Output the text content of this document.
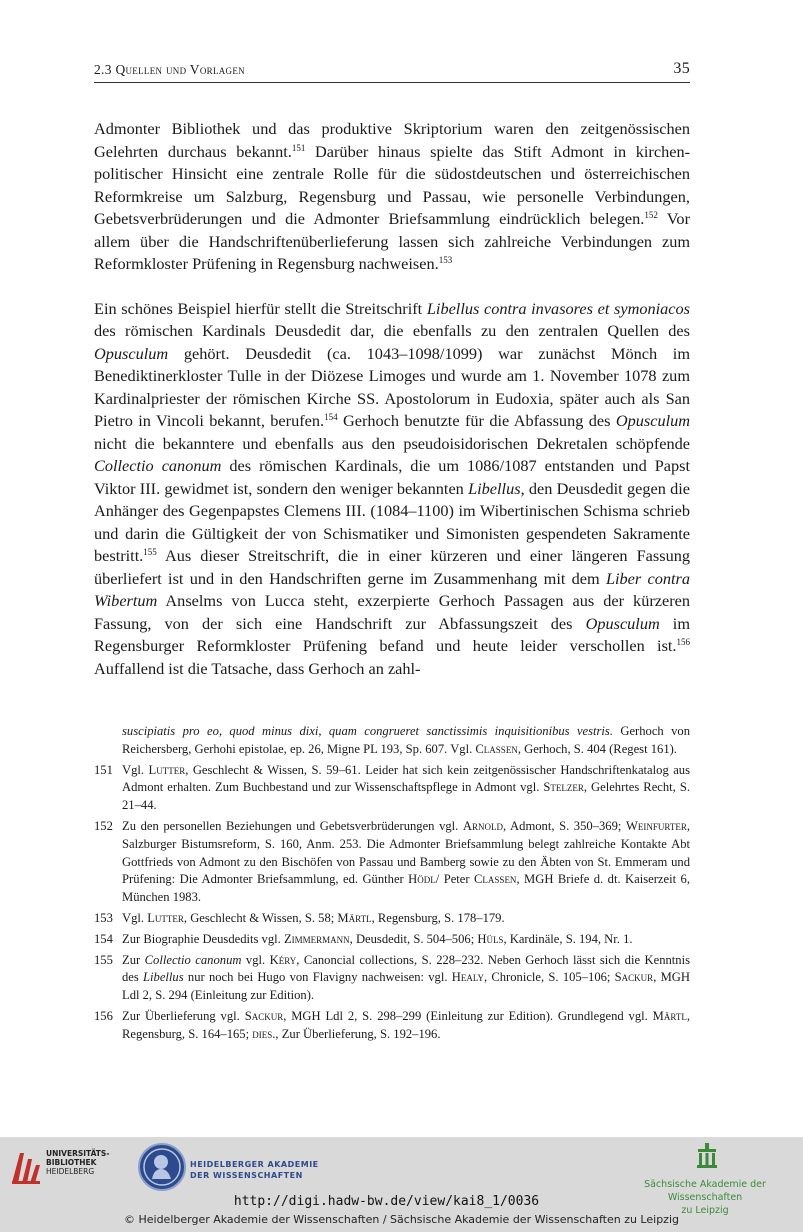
2.3 Quellen und Vorlagen	35

Admonter Bibliothek und das produktive Skriptorium waren den zeitgenössischen Gelehrten durchaus bekannt.$^{151}$ Darüber hinaus spielte das Stift Admont in kirchenpolitischer Hinsicht eine zentrale Rolle für die südostdeutschen und österreichischen Reformkreise um Salzburg, Regensburg und Passau, wie personelle Verbindungen, Gebetsverbrüderungen und die Admonter Briefsammlung eindrücklich belegen.$^{152}$ Vor allem über die Handschriftenüberlieferung lassen sich zahlreiche Verbindungen zum Reformkloster Prüfening in Regensburg nachweisen.$^{153}$

Ein schönes Beispiel hierfür stellt die Streitschrift Libellus contra invasores et symoniacos des römischen Kardinals Deusdedit dar, die ebenfalls zu den zentralen Quellen des Opusculum gehört. Deusdedit (ca. 1043–1098/1099) war zunächst Mönch im Benediktinerkloster Tulle in der Diözese Limoges und wurde am 1. November 1078 zum Kardinalpriester der römischen Kirche SS. Apostolorum in Eudoxia, später auch als San Pietro in Vincoli bekannt, berufen.$^{154}$ Gerhoch benutzte für die Abfassung des Opusculum nicht die bekanntere und ebenfalls aus den pseudoisidorischen Dekretalen schöpfende Collectio canonum des römischen Kardinals, die um 1086/1087 entstanden und Papst Viktor III. gewidmet ist, sondern den weniger bekannten Libellus, den Deusdedit gegen die Anhänger des Gegenpapstes Clemens III. (1084–1100) im Wibertinischen Schisma schrieb und darin die Gültigkeit der von Schismatiker und Simonisten gespendeten Sakramente bestritt.$^{155}$ Aus dieser Streitschrift, die in einer kürzeren und einer längeren Fassung überliefert ist und in den Handschriften gerne im Zusammenhang mit dem Liber contra Wibertum Anselms von Lucca steht, exzerpierte Gerhoch Passagen aus der kürzeren Fassung, von der sich eine Handschrift zur Abfassungszeit des Opusculum im Regensburger Reformkloster Prüfening befand und heute leider verschollen ist.$^{156}$ Auffallend ist die Tatsache, dass Gerhoch an zahl-

suscipiatis pro eo, quod minus dixi, quam congrueret sanctissimis inquisitionibus vestris. Gerhoch von Reichersberg, Gerhohi epistolae, ep. 26, Migne PL 193, Sp. 607. Vgl. Classen, Gerhoch, S. 404 (Regest 161).
151 Vgl. Lutter, Geschlecht & Wissen, S. 59–61. Leider hat sich kein zeitgenössischer Handschriftenkatalog aus Admont erhalten. Zum Buchbestand und zur Wissenschaftspflege in Admont vgl. Stelzer, Gelehrtes Recht, S. 21–44.
152 Zu den personellen Beziehungen und Gebetsverbrüderungen vgl. Arnold, Admont, S. 350–369; Weinfurter, Salzburger Bistumsreform, S. 160, Anm. 253. Die Admonter Briefsammlung belegt zahlreiche Kontakte Abt Gottfrieds von Admont zu den Bischöfen von Passau und Bamberg sowie zu den Äbten von St. Emmeram und Prüfening: Die Admonter Briefsammlung, ed. Günther Hödl/ Peter Classen, MGH Briefe d. dt. Kaiserzeit 6, München 1983.
153 Vgl. Lutter, Geschlecht & Wissen, S. 58; Märtl, Regensburg, S. 178–179.
154 Zur Biographie Deusdedits vgl. Zimmermann, Deusdedit, S. 504–506; Hüls, Kardinäle, S. 194, Nr. 1.
155 Zur Collectio canonum vgl. Kéry, Canoncial collections, S. 228–232. Neben Gerhoch lässt sich die Kenntnis des Libellus nur noch bei Hugo von Flavigny nachweisen: vgl. Healy, Chronicle, S. 105–106; Sackur, MGH Ldl 2, S. 294 (Einleitung zur Edition).
156 Zur Überlieferung vgl. Sackur, MGH Ldl 2, S. 298–299 (Einleitung zur Edition). Grundlegend vgl. Märtl, Regensburg, S. 164–165; dies., Zur Überlieferung, S. 192–196.
UNIVERSITÄTS-
BIBLIOTHEK
HEIDELBERG
HEIDELBERGER AKADEMIE
DER WISSENSCHAFTEN
Sächsische Akademie der Wissenschaften
zu Leipzig
http://digi.hadw-bw.de/view/kai8_1/0036
© Heidelberger Akademie der Wissenschaften / Sächsische Akademie der Wissenschaften zu Leipzig
